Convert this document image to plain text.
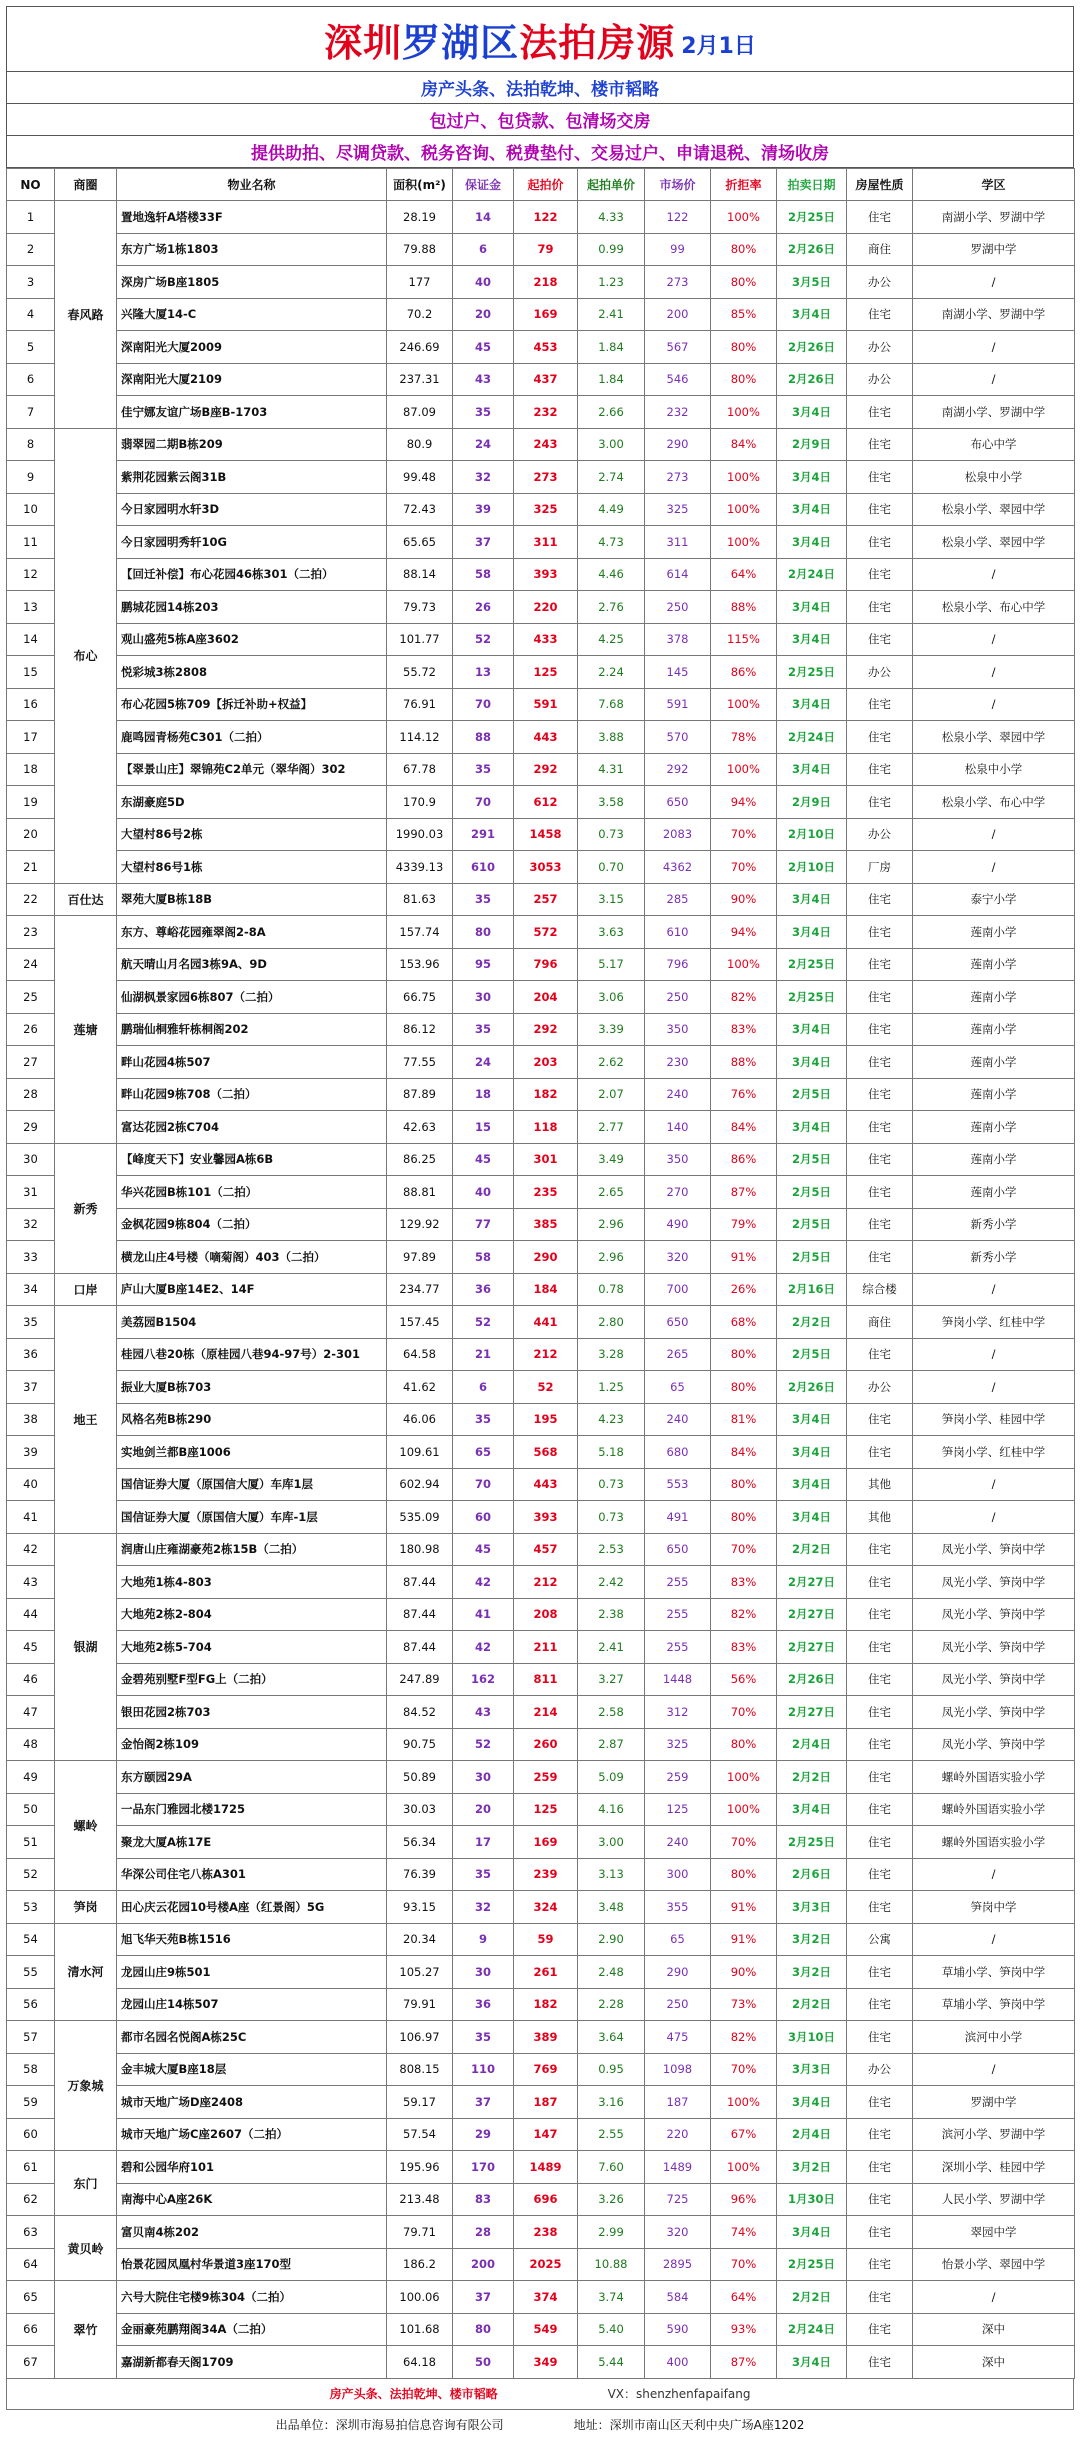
深圳罗湖区法拍房源 2月1日
房产头条、法拍乾坤、楼市韬略
包过户、包贷款、包清场交房
提供助拍、尽调贷款、税务咨询、税费垫付、交易过户、申请退税、清场收房
NO	商圈	物业名称	面积(m²)	保证金	起拍价	起拍单价	市场价	折拒率	拍卖日期	房屋性质	学区
1	春风路	置地逸轩A塔楼33F	28.19	14	122	4.33	122	100%	2月25日	住宅	南湖小学、罗湖中学
2		东方广场1栋1803	79.88	6	79	0.99	99	80%	2月26日	商住	罗湖中学
3		深房广场B座1805	177	40	218	1.23	273	80%	3月5日	办公	/
4		兴隆大厦14-C	70.2	20	169	2.41	200	85%	3月4日	住宅	南湖小学、罗湖中学
5		深南阳光大厦2009	246.69	45	453	1.84	567	80%	2月26日	办公	/
6		深南阳光大厦2109	237.31	43	437	1.84	546	80%	2月26日	办公	/
7		佳宁娜友谊广场B座B-1703	87.09	35	232	2.66	232	100%	3月4日	住宅	南湖小学、罗湖中学
8	布心	翡翠园二期B栋209	80.9	24	243	3.00	290	84%	2月9日	住宅	布心中学
9		紫荆花园紫云阁31B	99.48	32	273	2.74	273	100%	3月4日	住宅	松泉中小学
10		今日家园明水轩3D	72.43	39	325	4.49	325	100%	3月4日	住宅	松泉小学、翠园中学
11		今日家园明秀轩10G	65.65	37	311	4.73	311	100%	3月4日	住宅	松泉小学、翠园中学
12		【回迁补偿】布心花园46栋301（二拍）	88.14	58	393	4.46	614	64%	2月24日	住宅	/
13		鹏城花园14栋203	79.73	26	220	2.76	250	88%	3月4日	住宅	松泉小学、布心中学
14		观山盛苑5栋A座3602	101.77	52	433	4.25	378	115%	3月4日	住宅	/
15		悦彩城3栋2808	55.72	13	125	2.24	145	86%	2月25日	办公	/
16		布心花园5栋709【拆迁补助+权益】	76.91	70	591	7.68	591	100%	3月4日	住宅	/
17		鹿鸣园青杨苑C301（二拍）	114.12	88	443	3.88	570	78%	2月24日	住宅	松泉小学、翠园中学
18		【翠景山庄】翠锦苑C2单元（翠华阁）302	67.78	35	292	4.31	292	100%	3月4日	住宅	松泉中小学
19		东湖豪庭5D	170.9	70	612	3.58	650	94%	2月9日	住宅	松泉小学、布心中学
20		大望村86号2栋	1990.03	291	1458	0.73	2083	70%	2月10日	办公	/
21		大望村86号1栋	4339.13	610	3053	0.70	4362	70%	2月10日	厂房	/
22	百仕达	翠苑大厦B栋18B	81.63	35	257	3.15	285	90%	3月4日	住宅	泰宁小学
23	莲塘	东方、尊峪花园雍翠阁2-8A	157.74	80	572	3.63	610	94%	3月4日	住宅	莲南小学
24		航天晴山月名园3栋9A、9D	153.96	95	796	5.17	796	100%	2月25日	住宅	莲南小学
25		仙湖枫景家园6栋807（二拍）	66.75	30	204	3.06	250	82%	2月25日	住宅	莲南小学
26		鹏瑞仙桐雅轩栋桐阁202	86.12	35	292	3.39	350	83%	3月4日	住宅	莲南小学
27		畔山花园4栋507	77.55	24	203	2.62	230	88%	3月4日	住宅	莲南小学
28		畔山花园9栋708（二拍）	87.89	18	182	2.07	240	76%	2月5日	住宅	莲南小学
29		富达花园2栋C704	42.63	15	118	2.77	140	84%	3月4日	住宅	莲南小学
30	新秀	【峰度天下】安业馨园A栋6B	86.25	45	301	3.49	350	86%	2月5日	住宅	莲南小学
31		华兴花园B栋101（二拍）	88.81	40	235	2.65	270	87%	2月5日	住宅	莲南小学
32		金枫花园9栋804（二拍）	129.92	77	385	2.96	490	79%	2月5日	住宅	新秀小学
33		横龙山庄4号楼（嘀菊阁）403（二拍）	97.89	58	290	2.96	320	91%	2月5日	住宅	新秀小学
34	口岸	庐山大厦B座14E2、14F	234.77	36	184	0.78	700	26%	2月16日	综合楼	/
35	地王	美荔园B1504	157.45	52	441	2.80	650	68%	2月2日	商住	笋岗小学、红桂中学
36		桂园八巷20栋（原桂园八巷94-97号）2-301	64.58	21	212	3.28	265	80%	2月5日	住宅	/
37		振业大厦B栋703	41.62	6	52	1.25	65	80%	2月26日	办公	/
38		风格名苑B栋290	46.06	35	195	4.23	240	81%	3月4日	住宅	笋岗小学、桂园中学
39		实地剑兰都B座1006	109.61	65	568	5.18	680	84%	3月4日	住宅	笋岗小学、红桂中学
40		国信证券大厦（原国信大厦）车库1层	602.94	70	443	0.73	553	80%	3月4日	其他	/
41		国信证券大厦（原国信大厦）车库-1层	535.09	60	393	0.73	491	80%	3月4日	其他	/
42	银湖	润唐山庄雍湖豪苑2栋15B（二拍）	180.98	45	457	2.53	650	70%	2月2日	住宅	凤光小学、笋岗中学
43		大地苑1栋4-803	87.44	42	212	2.42	255	83%	2月27日	住宅	凤光小学、笋岗中学
44		大地苑2栋2-804	87.44	41	208	2.38	255	82%	2月27日	住宅	凤光小学、笋岗中学
45		大地苑2栋5-704	87.44	42	211	2.41	255	83%	2月27日	住宅	凤光小学、笋岗中学
46		金碧苑别墅F型FG上（二拍）	247.89	162	811	3.27	1448	56%	2月26日	住宅	凤光小学、笋岗中学
47		银田花园2栋703	84.52	43	214	2.58	312	70%	2月27日	住宅	凤光小学、笋岗中学
48		金怡阁2栋109	90.75	52	260	2.87	325	80%	2月4日	住宅	凤光小学、笋岗中学
49	螺岭	东方颐园29A	50.89	30	259	5.09	259	100%	2月2日	住宅	螺岭外国语实验小学
50		一品东门雅园北楼1725	30.03	20	125	4.16	125	100%	3月4日	住宅	螺岭外国语实验小学
51		聚龙大厦A栋17E	56.34	17	169	3.00	240	70%	2月25日	住宅	螺岭外国语实验小学
52		华深公司住宅八栋A301	76.39	35	239	3.13	300	80%	2月6日	住宅	/
53	笋岗	田心庆云花园10号楼A座（红景阁）5G	93.15	32	324	3.48	355	91%	3月3日	住宅	笋岗中学
54	清水河	旭飞华天苑B栋1516	20.34	9	59	2.90	65	91%	3月2日	公寓	/
55		龙园山庄9栋501	105.27	30	261	2.48	290	90%	3月2日	住宅	草埔小学、笋岗中学
56		龙园山庄14栋507	79.91	36	182	2.28	250	73%	2月2日	住宅	草埔小学、笋岗中学
57	万象城	都市名园名悦阁A栋25C	106.97	35	389	3.64	475	82%	3月10日	住宅	滨河中小学
58		金丰城大厦B座18层	808.15	110	769	0.95	1098	70%	3月3日	办公	/
59		城市天地广场D座2408	59.17	37	187	3.16	187	100%	3月4日	住宅	罗湖中学
60		城市天地广场C座2607（二拍）	57.54	29	147	2.55	220	67%	2月4日	住宅	滨河小学、罗湖中学
61	东门	碧和公园华府101	195.96	170	1489	7.60	1489	100%	3月2日	住宅	深圳小学、桂园中学
62		南海中心A座26K	213.48	83	696	3.26	725	96%	1月30日	住宅	人民小学、罗湖中学
63	黄贝岭	富贝南4栋202	79.71	28	238	2.99	320	74%	3月4日	住宅	翠园中学
64		怡景花园凤凰村华景道3座170型	186.2	200	2025	10.88	2895	70%	2月25日	住宅	怡景小学、翠园中学
65	翠竹	六号大院住宅楼9栋304（二拍）	100.06	37	374	3.74	584	64%	2月2日	住宅	/
66		金丽豪苑鹏翔阁34A（二拍）	101.68	80	549	5.40	590	93%	2月24日	住宅	深中
67		嘉湖新都春天阁1709	64.18	50	349	5.44	400	87%	3月4日	住宅	深中
房产头条、法拍乾坤、楼市韬略	VX：shenzhenfapaifang
出品单位：深圳市海易拍信息咨询有限公司	地址：深圳市南山区天利中央广场A座1202
